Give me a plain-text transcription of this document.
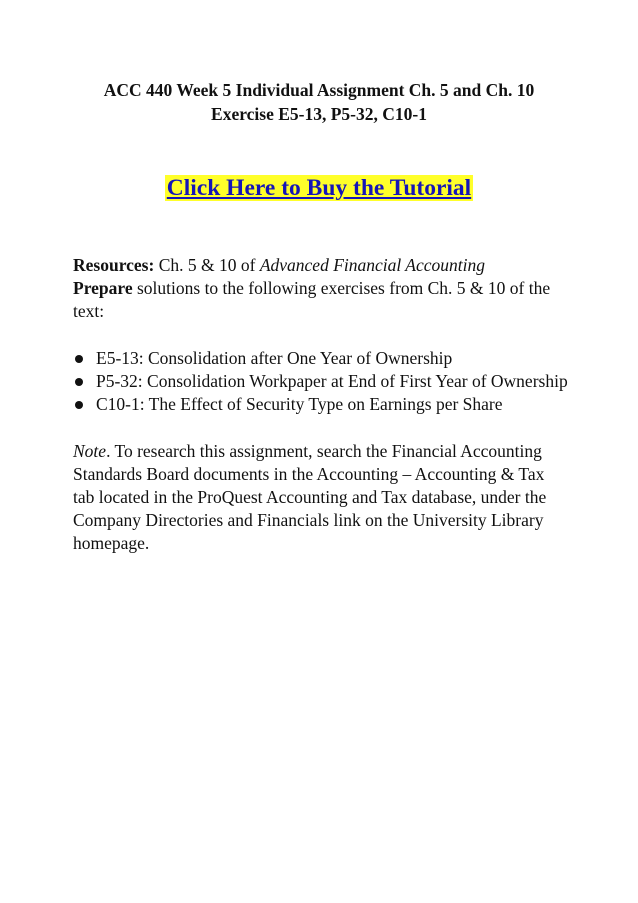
ACC 440 Week 5 Individual Assignment Ch. 5 and Ch. 10
Exercise E5-13, P5-32, C10-1
Click Here to Buy the Tutorial

Resources: Ch. 5 & 10 of Advanced Financial Accounting

Prepare solutions to the following exercises from Ch. 5 & 10 of the text:

E5-13: Consolidation after One Year of Ownership
P5-32: Consolidation Workpaper at End of First Year of Ownership
C10-1: The Effect of Security Type on Earnings per Share

Note. To research this assignment, search the Financial Accounting Standards Board documents in the Accounting – Accounting & Tax tab located in the ProQuest Accounting and Tax database, under the Company Directories and Financials link on the University Library homepage.
